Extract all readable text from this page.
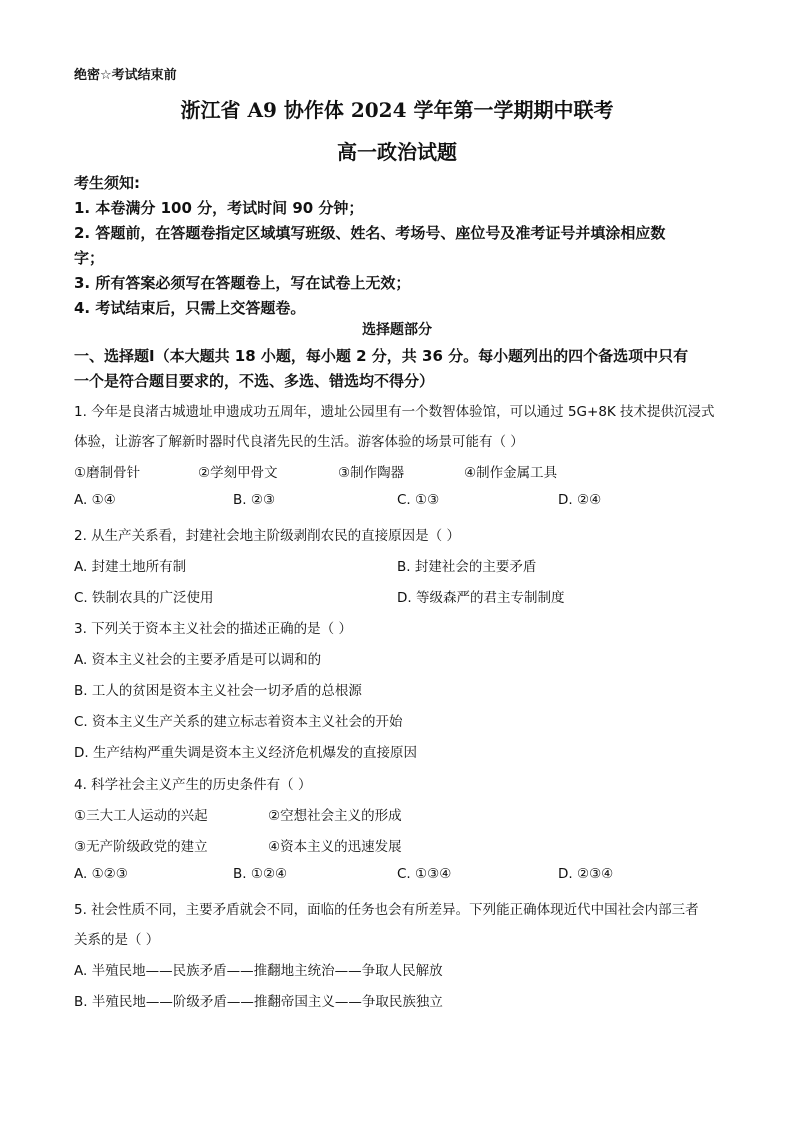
绝密☆考试结束前
浙江省 A9 协作体 2024 学年第一学期期中联考
高一政治试题
考生须知:
1. 本卷满分 100 分，考试时间 90 分钟；
2. 答题前，在答题卷指定区域填写班级、姓名、考场号、座位号及准考证号并填涂相应数
字；
3. 所有答案必须写在答题卷上，写在试卷上无效；
4. 考试结束后，只需上交答题卷。
选择题部分
一、选择题Ⅰ（本大题共 18 小题，每小题 2 分，共 36 分。每小题列出的四个备选项中只有
一个是符合题目要求的，不选、多选、错选均不得分）
1. 今年是良渚古城遗址申遗成功五周年，遗址公园里有一个数智体验馆，可以通过 5G+8K 技术提供沉浸式
体验，让游客了解新时器时代良渚先民的生活。游客体验的场景可能有（ ）
①磨制骨针	②学刻甲骨文	③制作陶器	④制作金属工具
A. ①④	B. ②③	C. ①③	D. ②④
2. 从生产关系看，封建社会地主阶级剥削农民的直接原因是（ ）
A. 封建土地所有制	B. 封建社会的主要矛盾
C. 铁制农具的广泛使用	D. 等级森严的君主专制制度
3. 下列关于资本主义社会的描述正确的是（ ）
A. 资本主义社会的主要矛盾是可以调和的
B. 工人的贫困是资本主义社会一切矛盾的总根源
C. 资本主义生产关系的建立标志着资本主义社会的开始
D. 生产结构严重失调是资本主义经济危机爆发的直接原因
4. 科学社会主义产生的历史条件有（ ）
①三大工人运动的兴起	②空想社会主义的形成
③无产阶级政党的建立	④资本主义的迅速发展
A. ①②③	B. ①②④	C. ①③④	D. ②③④
5. 社会性质不同，主要矛盾就会不同，面临的任务也会有所差异。下列能正确体现近代中国社会内部三者
关系的是（ ）
A. 半殖民地——民族矛盾——推翻地主统治——争取人民解放
B. 半殖民地——阶级矛盾——推翻帝国主义——争取民族独立
